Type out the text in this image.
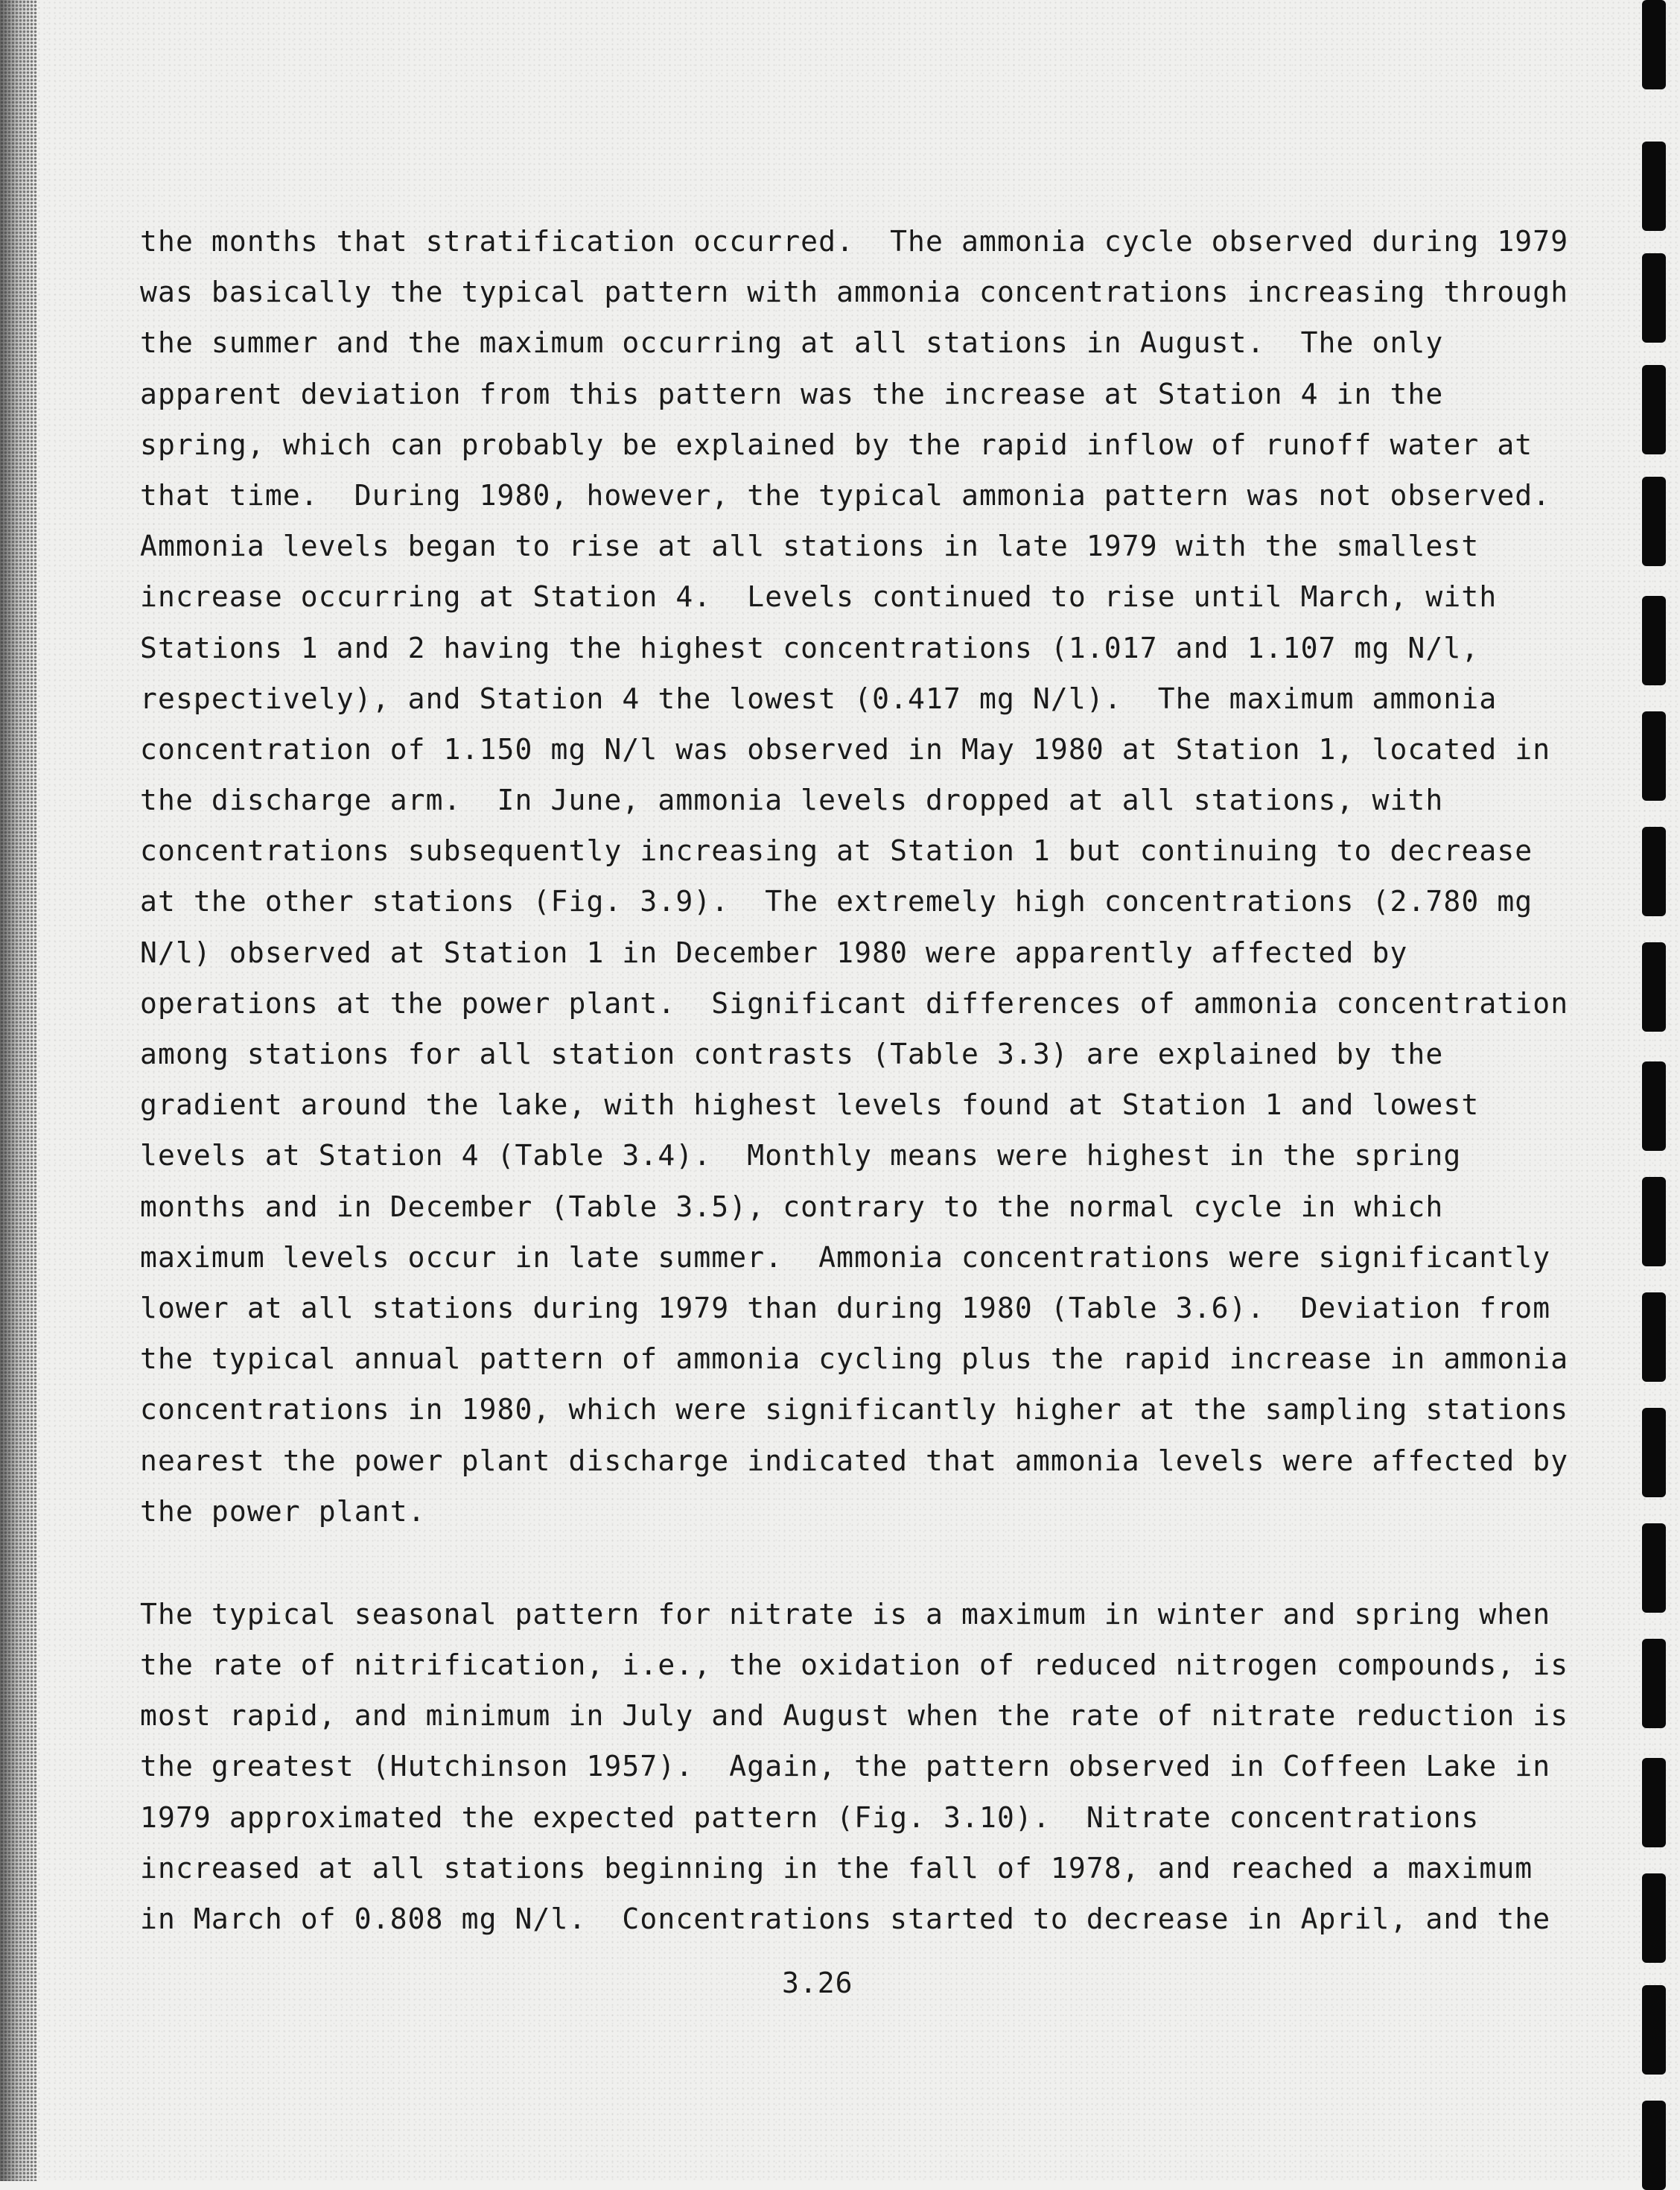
the months that stratification occurred.  The ammonia cycle observed during 1979
was basically the typical pattern with ammonia concentrations increasing through
the summer and the maximum occurring at all stations in August.  The only
apparent deviation from this pattern was the increase at Station 4 in the
spring, which can probably be explained by the rapid inflow of runoff water at
that time.  During 1980, however, the typical ammonia pattern was not observed.
Ammonia levels began to rise at all stations in late 1979 with the smallest
increase occurring at Station 4.  Levels continued to rise until March, with
Stations 1 and 2 having the highest concentrations (1.017 and 1.107 mg N/l,
respectively), and Station 4 the lowest (0.417 mg N/l).  The maximum ammonia
concentration of 1.150 mg N/l was observed in May 1980 at Station 1, located in
the discharge arm.  In June, ammonia levels dropped at all stations, with
concentrations subsequently increasing at Station 1 but continuing to decrease
at the other stations (Fig. 3.9).  The extremely high concentrations (2.780 mg
N/l) observed at Station 1 in December 1980 were apparently affected by
operations at the power plant.  Significant differences of ammonia concentration
among stations for all station contrasts (Table 3.3) are explained by the
gradient around the lake, with highest levels found at Station 1 and lowest
levels at Station 4 (Table 3.4).  Monthly means were highest in the spring
months and in December (Table 3.5), contrary to the normal cycle in which
maximum levels occur in late summer.  Ammonia concentrations were significantly
lower at all stations during 1979 than during 1980 (Table 3.6).  Deviation from
the typical annual pattern of ammonia cycling plus the rapid increase in ammonia
concentrations in 1980, which were significantly higher at the sampling stations
nearest the power plant discharge indicated that ammonia levels were affected by
the power plant.

The typical seasonal pattern for nitrate is a maximum in winter and spring when
the rate of nitrification, i.e., the oxidation of reduced nitrogen compounds, is
most rapid, and minimum in July and August when the rate of nitrate reduction is
the greatest (Hutchinson 1957).  Again, the pattern observed in Coffeen Lake in
1979 approximated the expected pattern (Fig. 3.10).  Nitrate concentrations
increased at all stations beginning in the fall of 1978, and reached a maximum
in March of 0.808 mg N/l.  Concentrations started to decrease in April, and the

3.26
